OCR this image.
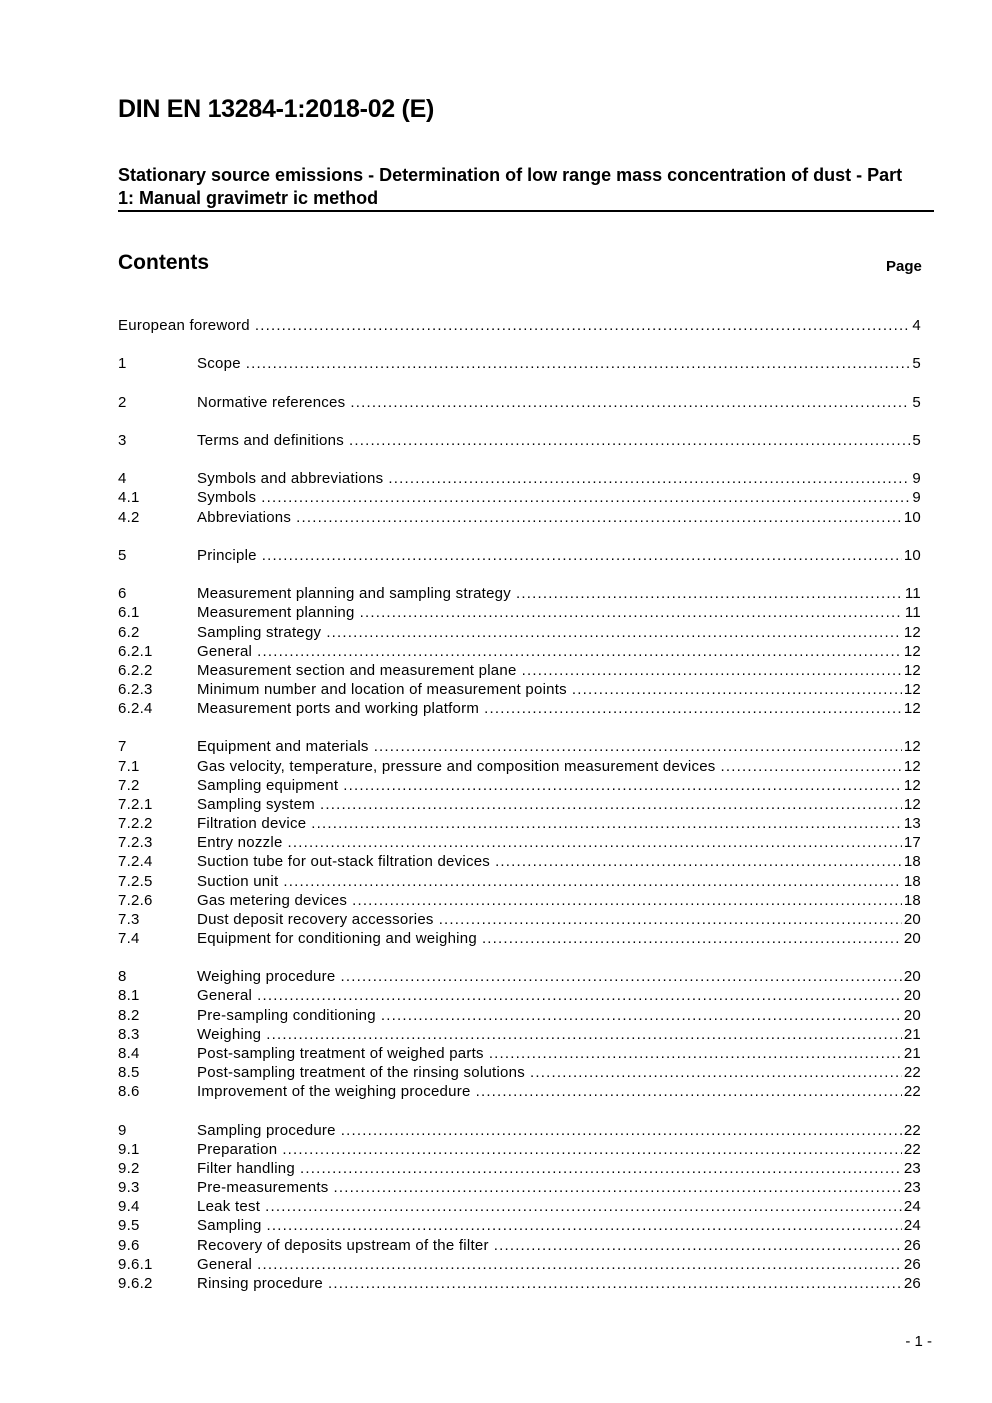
DIN EN 13284-1:2018-02 (E)
Stationary source emissions - Determination of low range mass concentration of dust - Part 1: Manual gravimetr ic method
Contents	Page
European foreword .....	4
1	Scope .....	5
2	Normative references .....	5
3	Terms and definitions .....	5
4	Symbols and abbreviations .....	9
4.1	Symbols .....	9
4.2	Abbreviations .....	10
5	Principle .....	10
6	Measurement planning and sampling strategy .....	11
6.1	Measurement planning .....	11
6.2	Sampling strategy .....	12
6.2.1	General .....	12
6.2.2	Measurement section and measurement plane .....	12
6.2.3	Minimum number and location of measurement points .....	12
6.2.4	Measurement ports and working platform .....	12
7	Equipment and materials .....	12
7.1	Gas velocity, temperature, pressure and composition measurement devices .....	12
7.2	Sampling equipment .....	12
7.2.1	Sampling system .....	12
7.2.2	Filtration device .....	13
7.2.3	Entry nozzle .....	17
7.2.4	Suction tube for out-stack filtration devices .....	18
7.2.5	Suction unit .....	18
7.2.6	Gas metering devices .....	18
7.3	Dust deposit recovery accessories .....	20
7.4	Equipment for conditioning and weighing .....	20
8	Weighing procedure .....	20
8.1	General .....	20
8.2	Pre-sampling conditioning .....	20
8.3	Weighing .....	21
8.4	Post-sampling treatment of weighed parts .....	21
8.5	Post-sampling treatment of the rinsing solutions .....	22
8.6	Improvement of the weighing procedure .....	22
9	Sampling procedure .....	22
9.1	Preparation .....	22
9.2	Filter handling .....	23
9.3	Pre-measurements .....	23
9.4	Leak test .....	24
9.5	Sampling .....	24
9.6	Recovery of deposits upstream of the filter .....	26
9.6.1	General .....	26
9.6.2	Rinsing procedure .....	26
- 1 -
